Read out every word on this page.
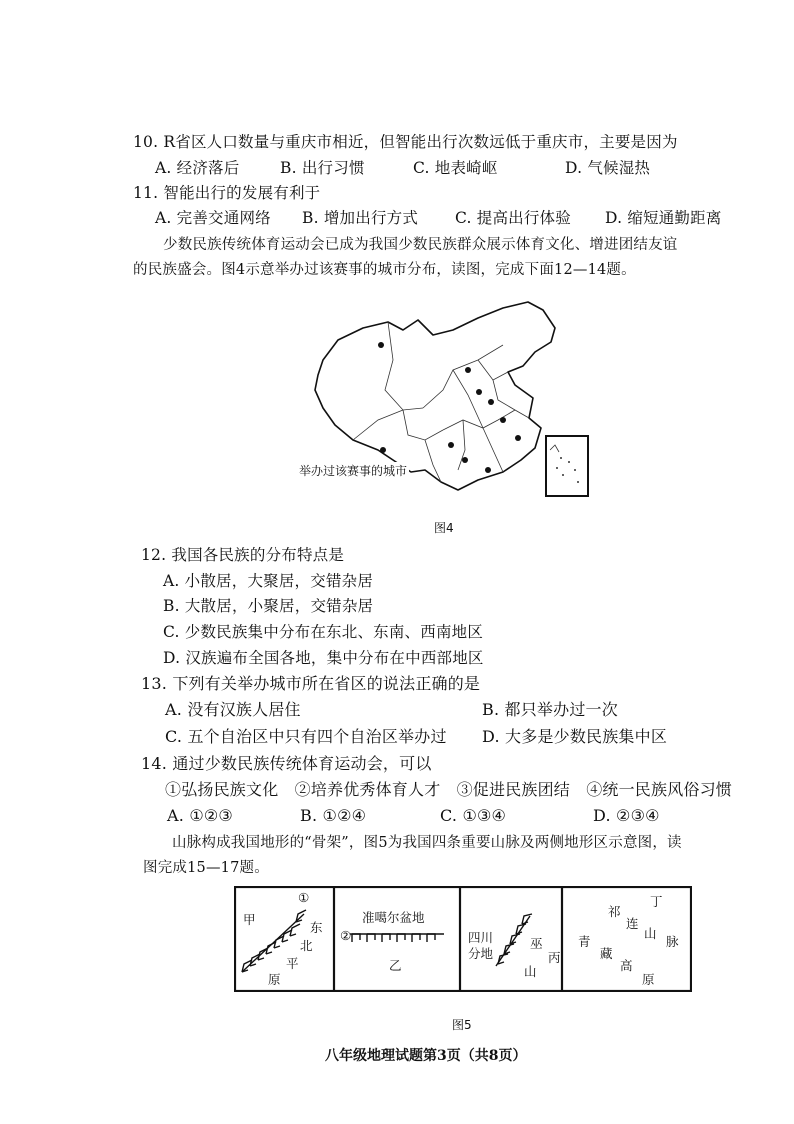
10. R省区人口数量与重庆市相近，但智能出行次数远低于重庆市，主要是因为
A. 经济落后	B. 出行习惯	C. 地表崎岖	D. 气候湿热
11. 智能出行的发展有利于
A. 完善交通网络 B. 增加出行方式 C. 提高出行体验 D. 缩短通勤距离
少数民族传统体育运动会已成为我国少数民族群众展示体育文化、增进团结友谊
的民族盛会。图4示意举办过该赛事的城市分布，读图，完成下面12—14题。
举办过该赛事的城市
图4
12. 我国各民族的分布特点是
A. 小散居，大聚居，交错杂居
B. 大散居，小聚居，交错杂居
C. 少数民族集中分布在东北、东南、西南地区
D. 汉族遍布全国各地，集中分布在中西部地区
13. 下列有关举办城市所在省区的说法正确的是
A. 没有汉族人居住	B. 都只举办过一次
C. 五个自治区中只有四个自治区举办过 D. 大多是少数民族集中区
14. 通过少数民族传统体育运动会，可以
①弘扬民族文化　②培养优秀体育人才　③促进民族团结　④统一民族风俗习惯
A. ①②③	B. ①②④	C. ①③④	D. ②③④
山脉构成我国地形的“骨架”，图5为我国四条重要山脉及两侧地形区示意图，读
图完成15—17题。
甲
①
东
北
平
原
准噶尔盆地
②
乙
四川
分地
巫
山
丙
丁
祁
连
山
脉
青
藏
高
原
图5
八年级地理试题第3页（共8页）
